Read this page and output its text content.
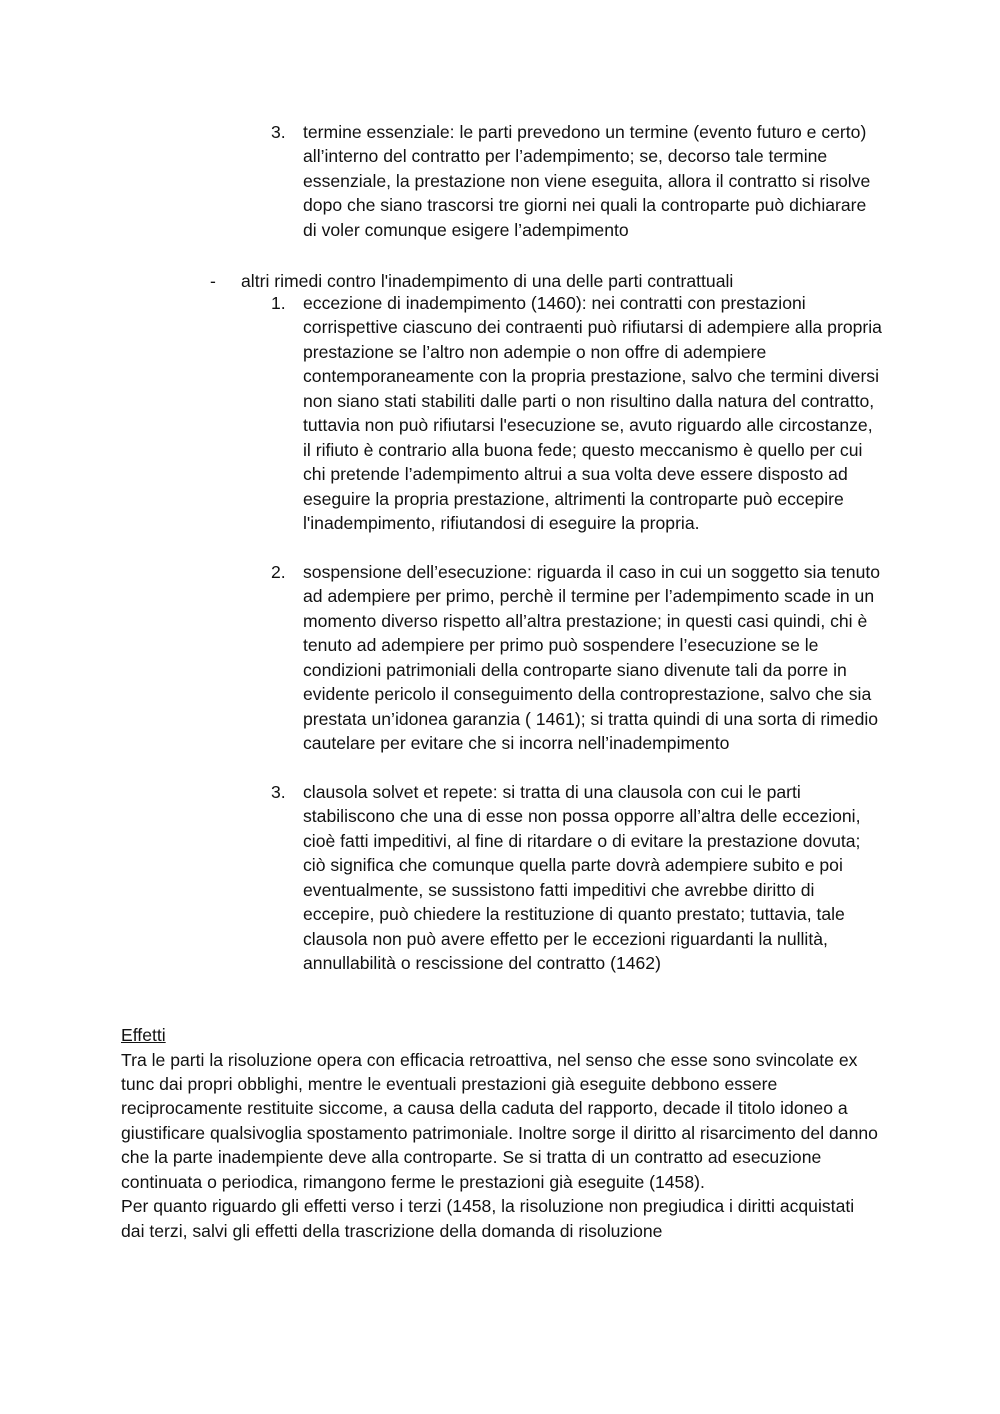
3. termine essenziale: le parti prevedono un termine (evento futuro e certo) all’interno del contratto per l’adempimento; se, decorso tale termine essenziale, la prestazione non viene eseguita, allora il contratto si risolve dopo che siano trascorsi tre giorni nei quali la controparte può dichiarare di voler comunque esigere l’adempimento
- altri rimedi contro l'inadempimento di una delle parti contrattuali
1. eccezione di inadempimento (1460): nei contratti con prestazioni corrispettive ciascuno dei contraenti può rifiutarsi di adempiere alla propria prestazione se l’altro non adempie o non offre di adempiere contemporaneamente con la propria prestazione, salvo che termini diversi non siano stati stabiliti dalle parti o non risultino dalla natura del contratto, tuttavia non può rifiutarsi l'esecuzione se, avuto riguardo alle circostanze, il rifiuto è contrario alla buona fede; questo meccanismo è quello per cui chi pretende l’adempimento altrui a sua volta deve essere disposto ad eseguire la propria prestazione, altrimenti la controparte può eccepire l'inadempimento, rifiutandosi di eseguire la propria.
2. sospensione dell’esecuzione: riguarda il caso in cui un soggetto sia tenuto ad adempiere per primo, perchè il termine per l’adempimento scade in un momento diverso rispetto all’altra prestazione; in questi casi quindi, chi è tenuto ad adempiere per primo può sospendere l’esecuzione se le condizioni patrimoniali della controparte siano divenute tali da porre in evidente pericolo il conseguimento della controprestazione, salvo che sia prestata un’idonea garanzia ( 1461); si tratta quindi di una sorta di rimedio cautelare per evitare che si incorra nell’inadempimento
3. clausola solvet et repete: si tratta di una clausola con cui le parti stabiliscono che una di esse non possa opporre all’altra delle eccezioni, cioè fatti impeditivi, al fine di ritardare o di evitare la prestazione dovuta; ciò significa che comunque quella parte dovrà adempiere subito e poi eventualmente, se sussistono fatti impeditivi che avrebbe diritto di eccepire, può chiedere la restituzione di quanto prestato; tuttavia, tale clausola non può avere effetto per le eccezioni riguardanti la nullità, annullabilità o rescissione del contratto (1462)
Effetti
Tra le parti la risoluzione opera con efficacia retroattiva, nel senso che esse sono svincolate ex tunc dai propri obblighi, mentre le eventuali prestazioni già eseguite debbono essere reciprocamente restituite siccome, a causa della caduta del rapporto, decade il titolo idoneo a giustificare qualsivoglia spostamento patrimoniale. Inoltre sorge il diritto al risarcimento del danno che la parte inadempiente deve alla controparte. Se si tratta di un contratto ad esecuzione continuata o periodica, rimangono ferme le prestazioni già eseguite (1458).
Per quanto riguardo gli effetti verso i terzi (1458, la risoluzione non pregiudica i diritti acquistati dai terzi, salvi gli effetti della trascrizione della domanda di risoluzione
